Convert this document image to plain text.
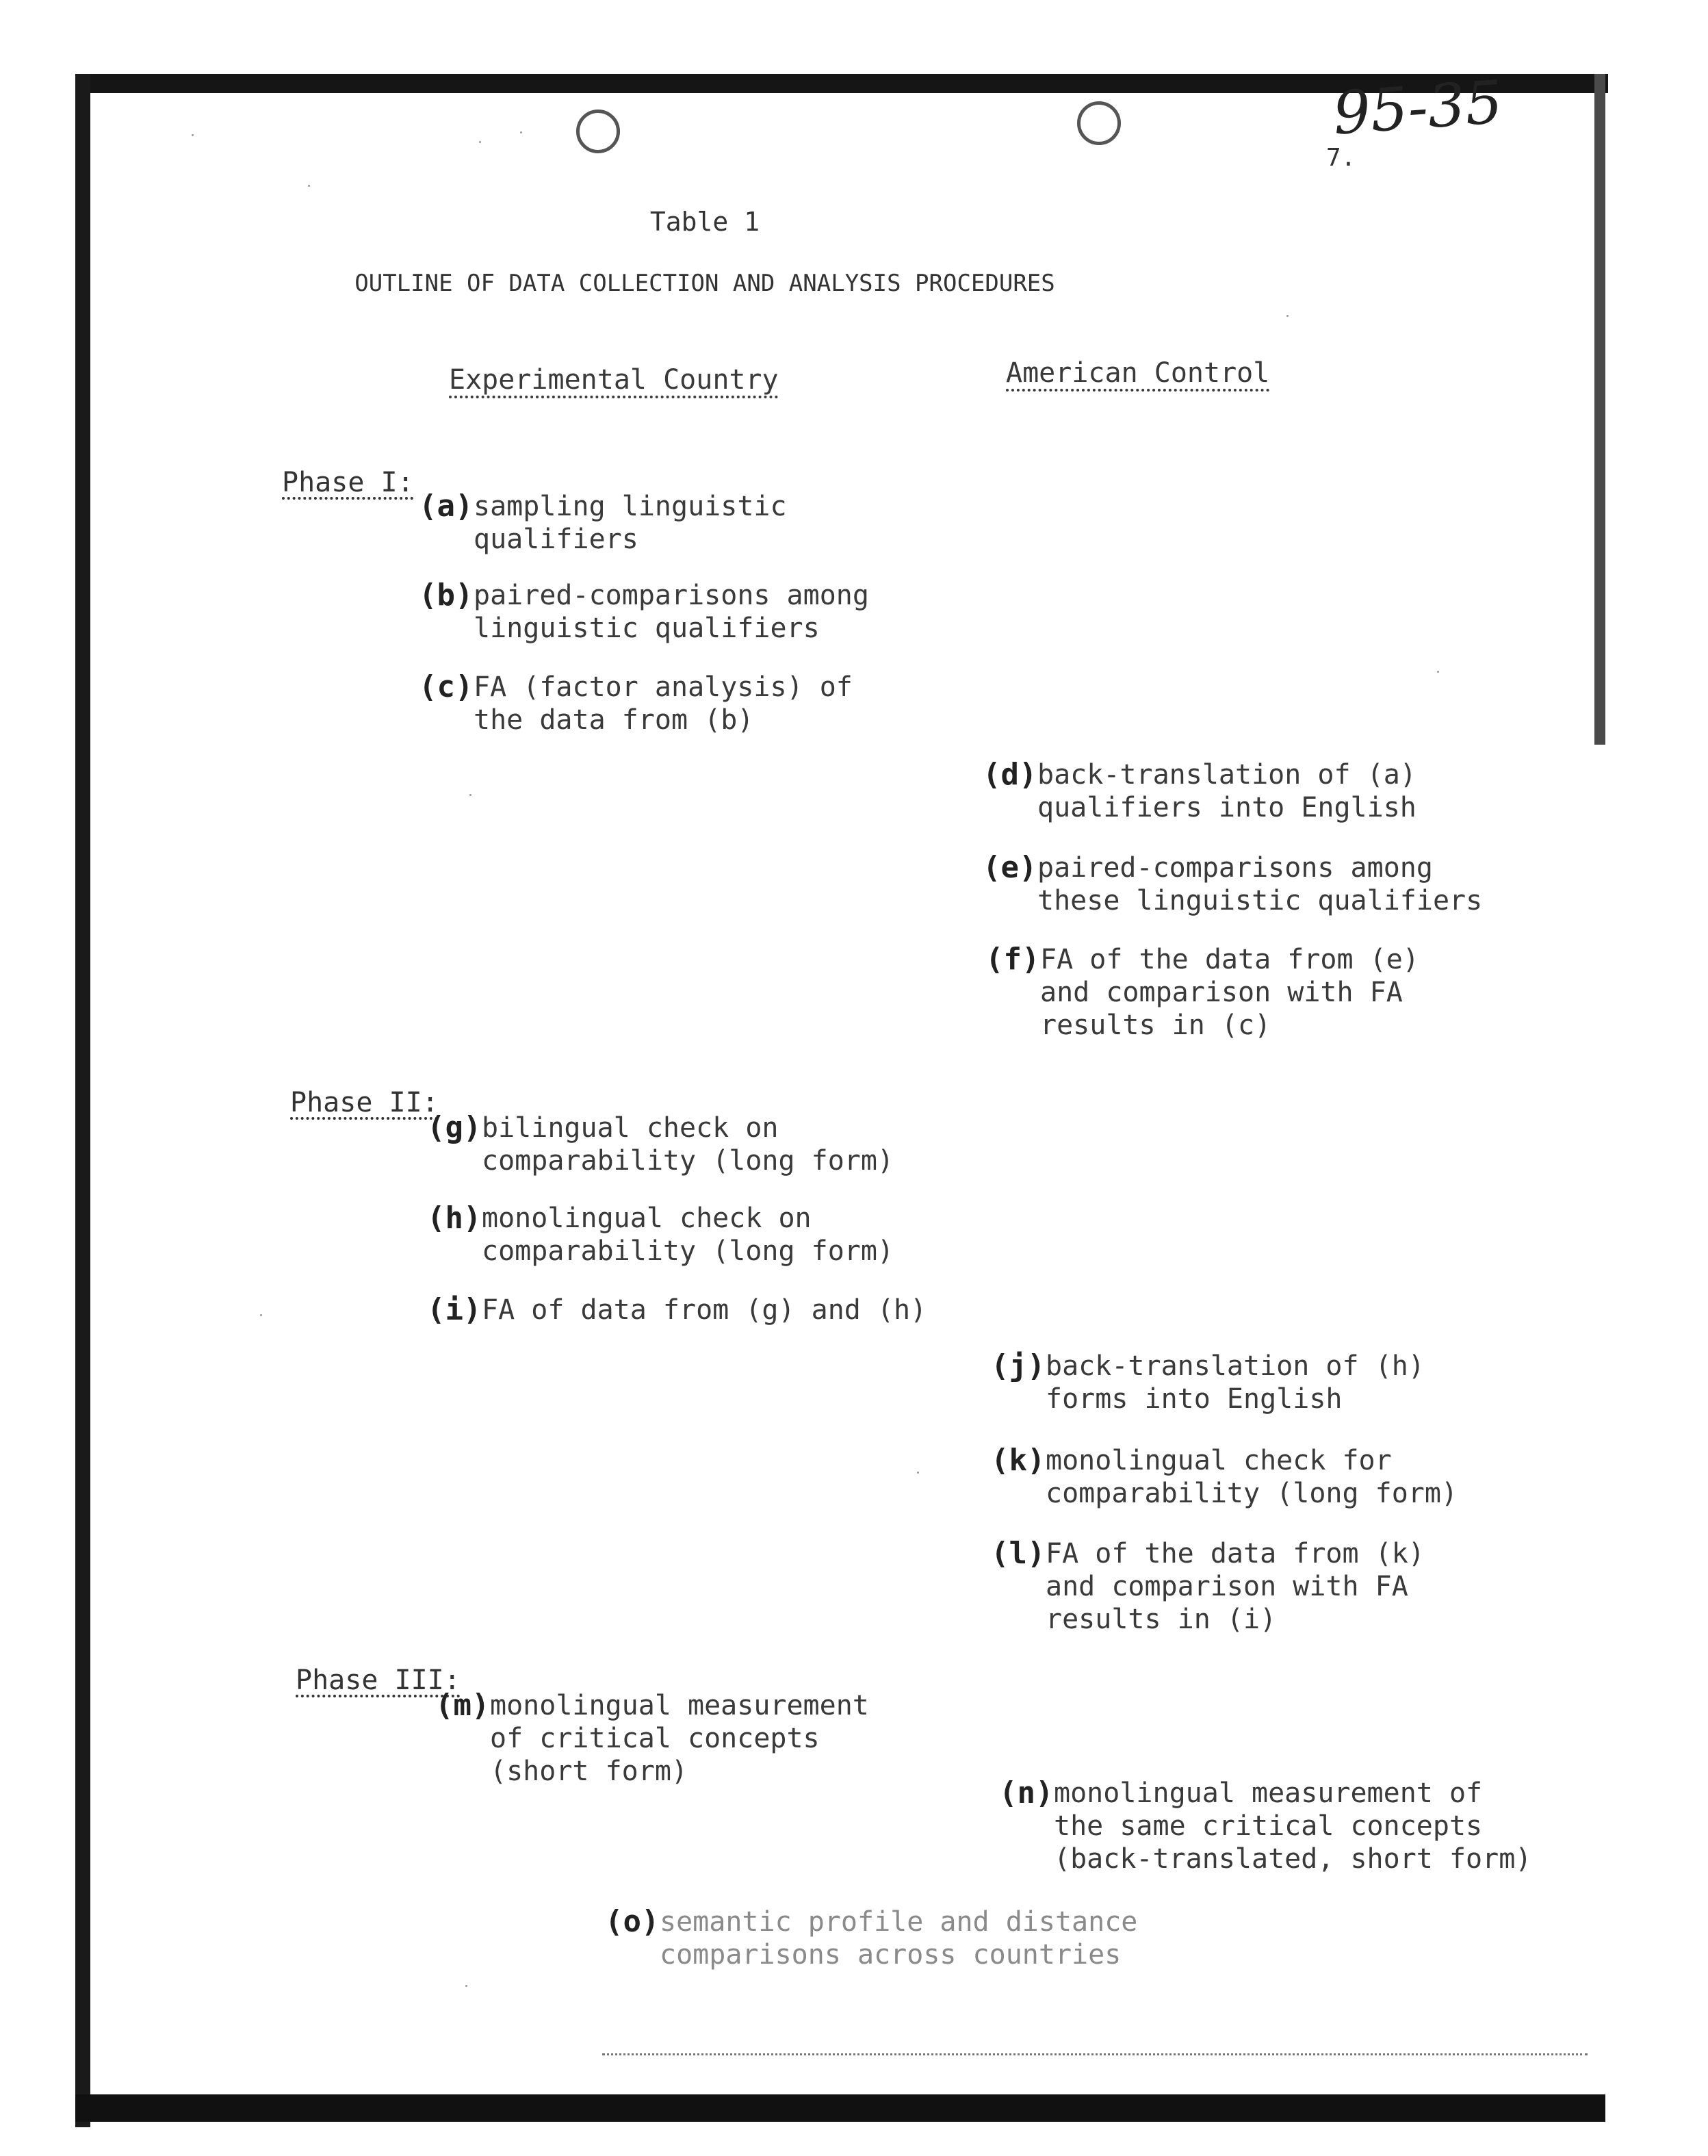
95-35
7.
Table 1
OUTLINE OF DATA COLLECTION AND ANALYSIS PROCEDURES
Experimental Country	American Control
Phase I:
Phase II:
Phase III:
(a) sampling linguistic
qualifiers
(b) paired-comparisons among
linguistic qualifiers
(c) FA (factor analysis) of
the data from (b)
(d) back-translation of (a)
qualifiers into English
(e) paired-comparisons among
these linguistic qualifiers
(f) FA of the data from (e)
and comparison with FA
results in (c)
(g) bilingual check on
comparability (long form)
(h) monolingual check on
comparability (long form)
(i) FA of data from (g) and (h)
(j) back-translation of (h)
forms into English
(k) monolingual check for
comparability (long form)
(l) FA of the data from (k)
and comparison with FA
results in (i)
(m) monolingual measurement
of critical concepts
(short form)
(n) monolingual measurement of
the same critical concepts
(back-translated, short form)
(o) semantic profile and distance
comparisons across countries
